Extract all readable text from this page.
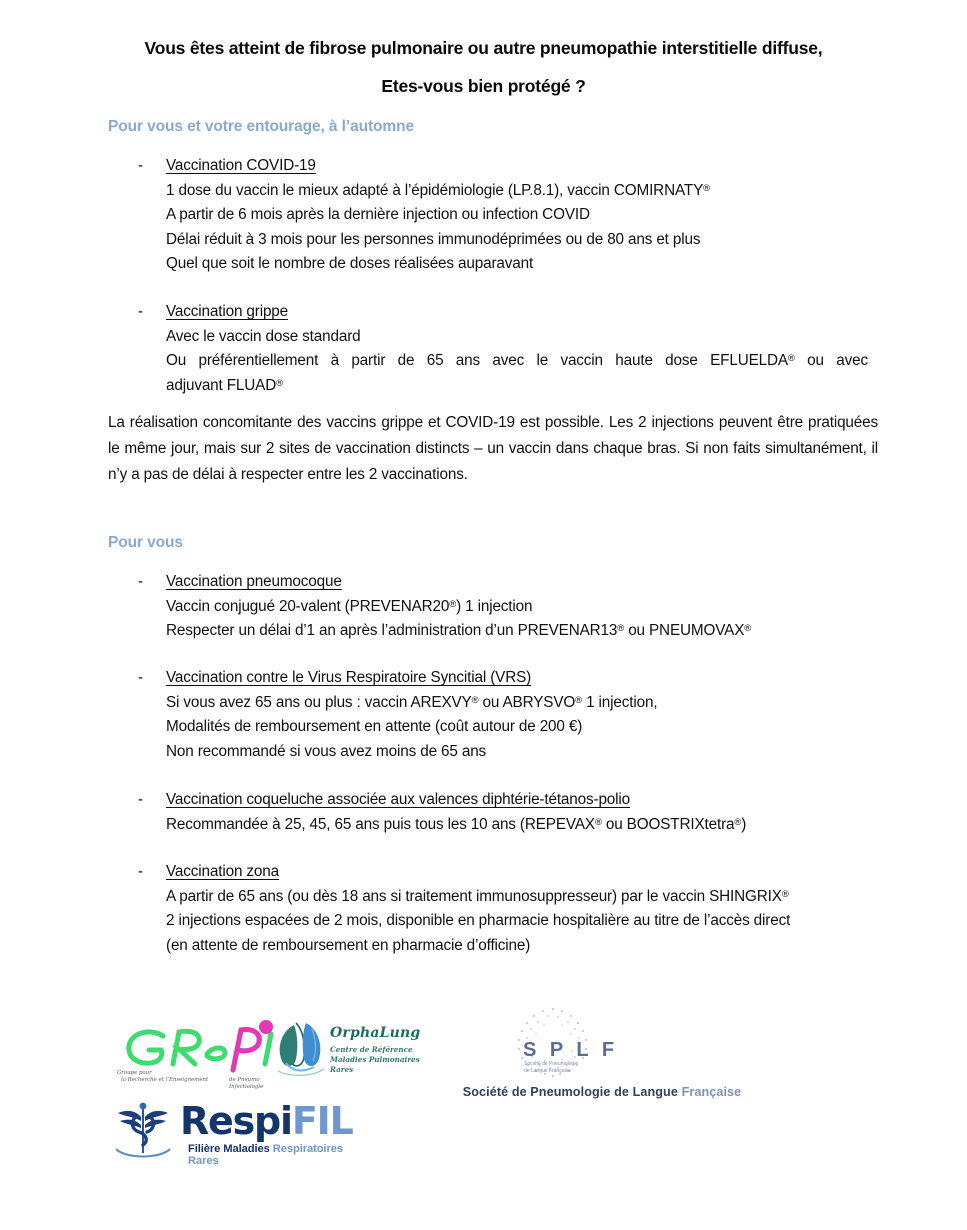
Vous êtes atteint de fibrose pulmonaire ou autre pneumopathie interstitielle diffuse,
Etes-vous bien protégé ?
Pour vous et votre entourage, à l’automne
- Vaccination COVID-19
1 dose du vaccin le mieux adapté à l’épidémiologie (LP.8.1), vaccin COMIRNATY®
A partir de 6 mois après la dernière injection ou infection COVID
Délai réduit à 3 mois pour les personnes immunodéprimées ou de 80 ans et plus
Quel que soit le nombre de doses réalisées auparavant
- Vaccination grippe
Avec le vaccin dose standard
Ou préférentiellement à partir de 65 ans avec le vaccin haute dose EFLUELDA® ou avec
adjuvant FLUAD®
La réalisation concomitante des vaccins grippe et COVID-19 est possible. Les 2 injections peuvent être pratiquées le même jour, mais sur 2 sites de vaccination distincts – un vaccin dans chaque bras. Si non faits simultanément, il n’y a pas de délai à respecter entre les 2 vaccinations.
Pour vous
- Vaccination pneumocoque
Vaccin conjugué 20-valent (PREVENAR20®) 1 injection
Respecter un délai d’1 an après l’administration d’un PREVENAR13® ou PNEUMOVAX®
- Vaccination contre le Virus Respiratoire Syncitial (VRS)
Si vous avez 65 ans ou plus : vaccin AREXVY® ou ABRYSVO® 1 injection,
Modalités de remboursement en attente (coût autour de 200 €)
Non recommandé si vous avez moins de 65 ans
- Vaccination coqueluche associée aux valences diphtérie-tétanos-polio
Recommandée à 25, 45, 65 ans puis tous les 10 ans (REPEVAX® ou BOOSTRIXtetra®)
- Vaccination zona
A partir de 65 ans (ou dès 18 ans si traitement immunosuppresseur) par le vaccin SHINGRIX®
2 injections espacées de 2 mois, disponible en pharmacie hospitalière au titre de l’accès direct
(en attente de remboursement en pharmacie d’officine)
Groupe pour
la Recherche et l’Enseignement	de Pneumo Infectiologie
OrphaLung
Centre de Référence
Maladies Pulmonaires Rares
S P L F
Société de Pneumologie
de Langue Française
Société de Pneumologie de Langue Française
RespiFIL
Filière Maladies Respiratoires Rares
